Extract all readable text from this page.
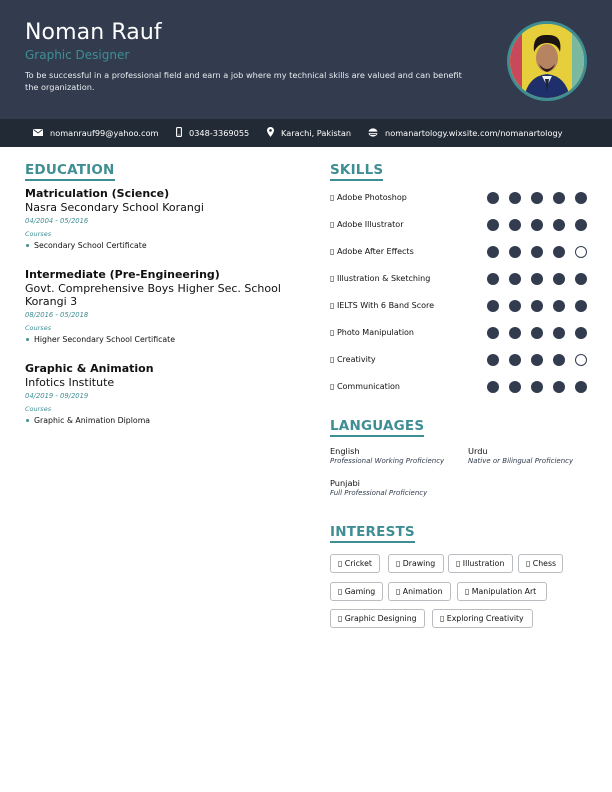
Noman Rauf
Graphic Designer
To be successful in a professional field and earn a job where my technical skills are valued and can benefit the organization.
nomanrauf99@yahoo.com	0348-3369055	Karachi, Pakistan	nomanartology.wixsite.com/nomanartology
EDUCATION
Matriculation (Science)
Nasra Secondary School Korangi
04/2004 - 05/2016
Courses
Secondary School Certificate
Intermediate (Pre-Engineering)
Govt. Comprehensive Boys Higher Sec. School Korangi 3
08/2016 - 05/2018
Courses
Higher Secondary School Certificate
Graphic & Animation
Infotics Institute
04/2019 - 09/2019
Courses
Graphic & Animation Diploma
SKILLS
▯ Adobe Photoshop
▯ Adobe Illustrator
▯ Adobe After Effects
▯ Illustration & Sketching
▯ IELTS With 6 Band Score
▯ Photo Manipulation
▯ Creativity
▯ Communication
LANGUAGES
English
Professional Working Proficiency
Urdu
Native or Bilingual Proficiency
Punjabi
Full Professional Proficiency
INTERESTS
▯ Cricket	▯ Drawing	▯ Illustration	▯ Chess
▯ Gaming	▯ Animation	▯ Manipulation Art
▯ Graphic Designing	▯ Exploring Creativity
